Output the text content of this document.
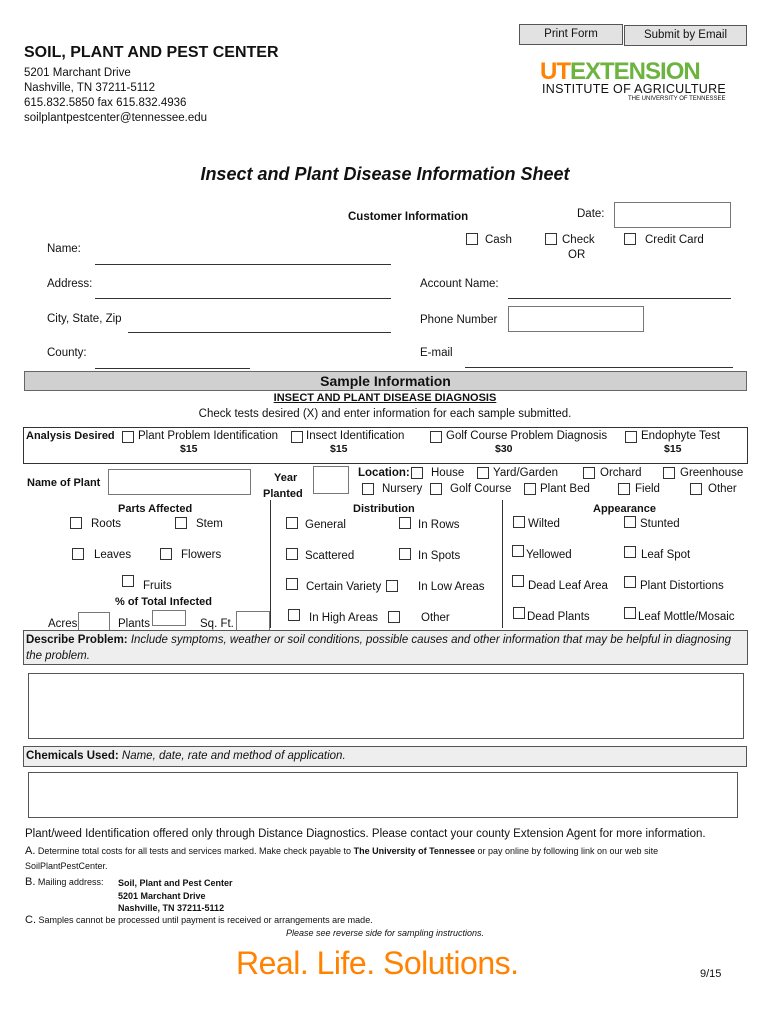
Print Form	Submit by Email
SOIL, PLANT AND PEST CENTER
5201 Marchant Drive
Nashville, TN 37211-5112
615.832.5850 fax 615.832.4936
soilplantpestcenter@tennessee.edu
UTEXTENSION
INSTITUTE OF AGRICULTURE
THE UNIVERSITY OF TENNESSEE
Insect and Plant Disease Information Sheet
Customer Information	Date:
Cash	Check
OR
Credit Card
Name:
Address:	Account Name:
City, State, Zip	Phone Number
County:	E-mail
Sample Information
INSECT AND PLANT DISEASE DIAGNOSIS
Check tests desired (X) and enter information for each sample submitted.
Analysis Desired Plant Problem Identification
$15
Insect Identification
$15
Golf Course Problem Diagnosis
$30
Endophyte Test
$15
Name of Plant	Year
Planted
Location: House	Yard/Garden	Orchard	Greenhouse
Nursery Golf Course Plant Bed	Field	Other
Parts Affected
Roots	Stem
Leaves	Flowers
Fruits
% of Total Infected
Acres	Plants	Sq. Ft.
Distribution
General	In Rows
Scattered	In Spots
Certain Variety	In Low Areas
In High Areas	Other
Appearance
Wilted	Stunted
Yellowed	Leaf Spot
Dead Leaf Area	Plant Distortions
Dead Plants	Leaf Mottle/Mosaic
Describe Problem: Include symptoms, weather or soil conditions, possible causes and other information that may be helpful in diagnosing the problem.
Chemicals Used: Name, date, rate and method of application.
Plant/weed Identification offered only through Distance Diagnostics. Please contact your county Extension Agent for more information.
A. Determine total costs for all tests and services marked. Make check payable to The University of Tennessee or pay online by following link on our web site
SoilPlantPestCenter.
B. Mailing address: Soil, Plant and Pest Center
5201 Marchant Drive
Nashville, TN 37211-5112
C. Samples cannot be processed until payment is received or arrangements are made.
Please see reverse side for sampling instructions.
Real. Life. Solutions.	9/15
